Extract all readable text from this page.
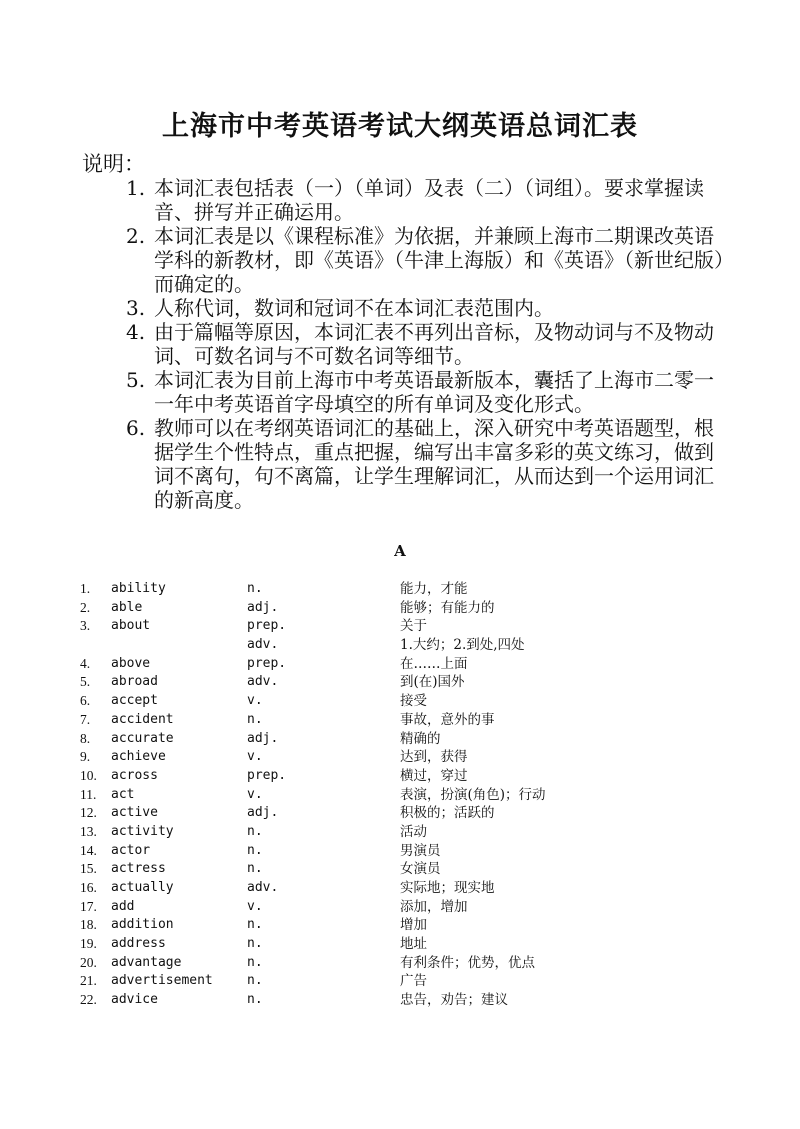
上海市中考英语考试大纲英语总词汇表
说明：
1. 本词汇表包括表（一）（单词）及表（二）（词组）。要求掌握读音、拼写并正确运用。
2. 本词汇表是以《课程标准》为依据，并兼顾上海市二期课改英语学科的新教材，即《英语》（牛津上海版）和《英语》（新世纪版）而确定的。
3. 人称代词，数词和冠词不在本词汇表范围内。
4. 由于篇幅等原因，本词汇表不再列出音标，及物动词与不及物动词、可数名词与不可数名词等细节。
5. 本词汇表为目前上海市中考英语最新版本，囊括了上海市二零一一年中考英语首字母填空的所有单词及变化形式。
6. 教师可以在考纲英语词汇的基础上，深入研究中考英语题型，根据学生个性特点，重点把握，编写出丰富多彩的英文练习，做到词不离句，句不离篇，让学生理解词汇，从而达到一个运用词汇的新高度。
A
1. ability	n.	能力，才能
2. able	adj.	能够；有能力的
3. about	prep.	关于
adv.	1.大约；2.到处,四处
4. above	prep.	在……上面
5. abroad	adv.	到(在)国外
6. accept	v.	接受
7. accident	n.	事故，意外的事
8. accurate	adj.	精确的
9. achieve	v.	达到，获得
10. across	prep.	横过，穿过
11. act	v.	表演，扮演(角色)；行动
12. active	adj.	积极的；活跃的
13. activity	n.	活动
14. actor	n.	男演员
15. actress	n.	女演员
16. actually	adv.	实际地；现实地
17. add	v.	添加，增加
18. addition	n.	增加
19. address	n.	地址
20. advantage	n.	有利条件；优势，优点
21. advertisement	n.	广告
22. advice	n.	忠告，劝告；建议
